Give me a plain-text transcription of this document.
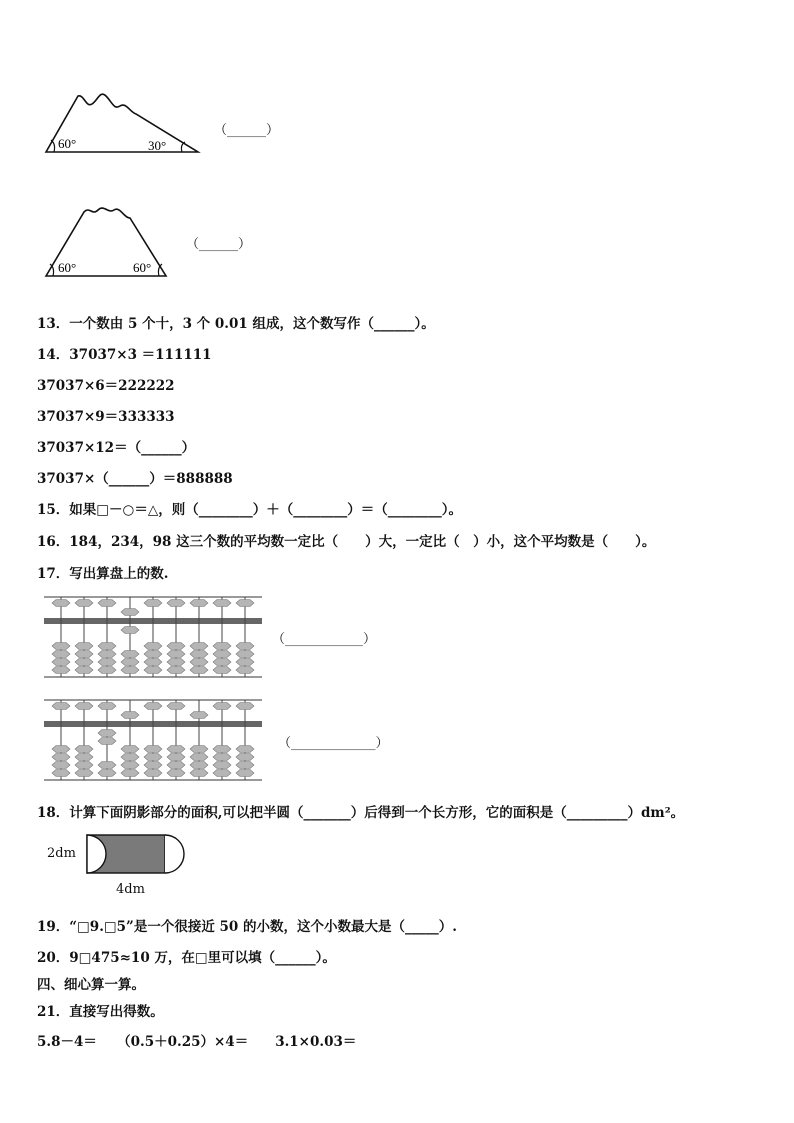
60°	30°
（______）
60°	60°
（______）
13．一个数由 5 个十，3 个 0.01 组成，这个数写作（______）。
14．37037×3 ＝111111
37037×6＝222222
37037×9＝333333
37037×12＝（______）
37037×（______）＝888888
15．如果□－○＝△，则（________）＋（________）＝（________）。
16．184，234，98 这三个数的平均数一定比（　　）大，一定比（　）小，这个平均数是（　　）。
17．写出算盘上的数.
（____________）
（_____________）
18．计算下面阴影部分的面积,可以把半圆（_______）后得到一个长方形，它的面积是（_________）dm²。
2dm
4dm
19．“□9.□5”是一个很接近 50 的小数，这个小数最大是（_____）.
20．9□475≈10 万，在□里可以填（______）。
四、细心算一算。
21．直接写出得数。
5.8－4＝　　（0.5＋0.25）×4＝　　3.1×0.03＝
